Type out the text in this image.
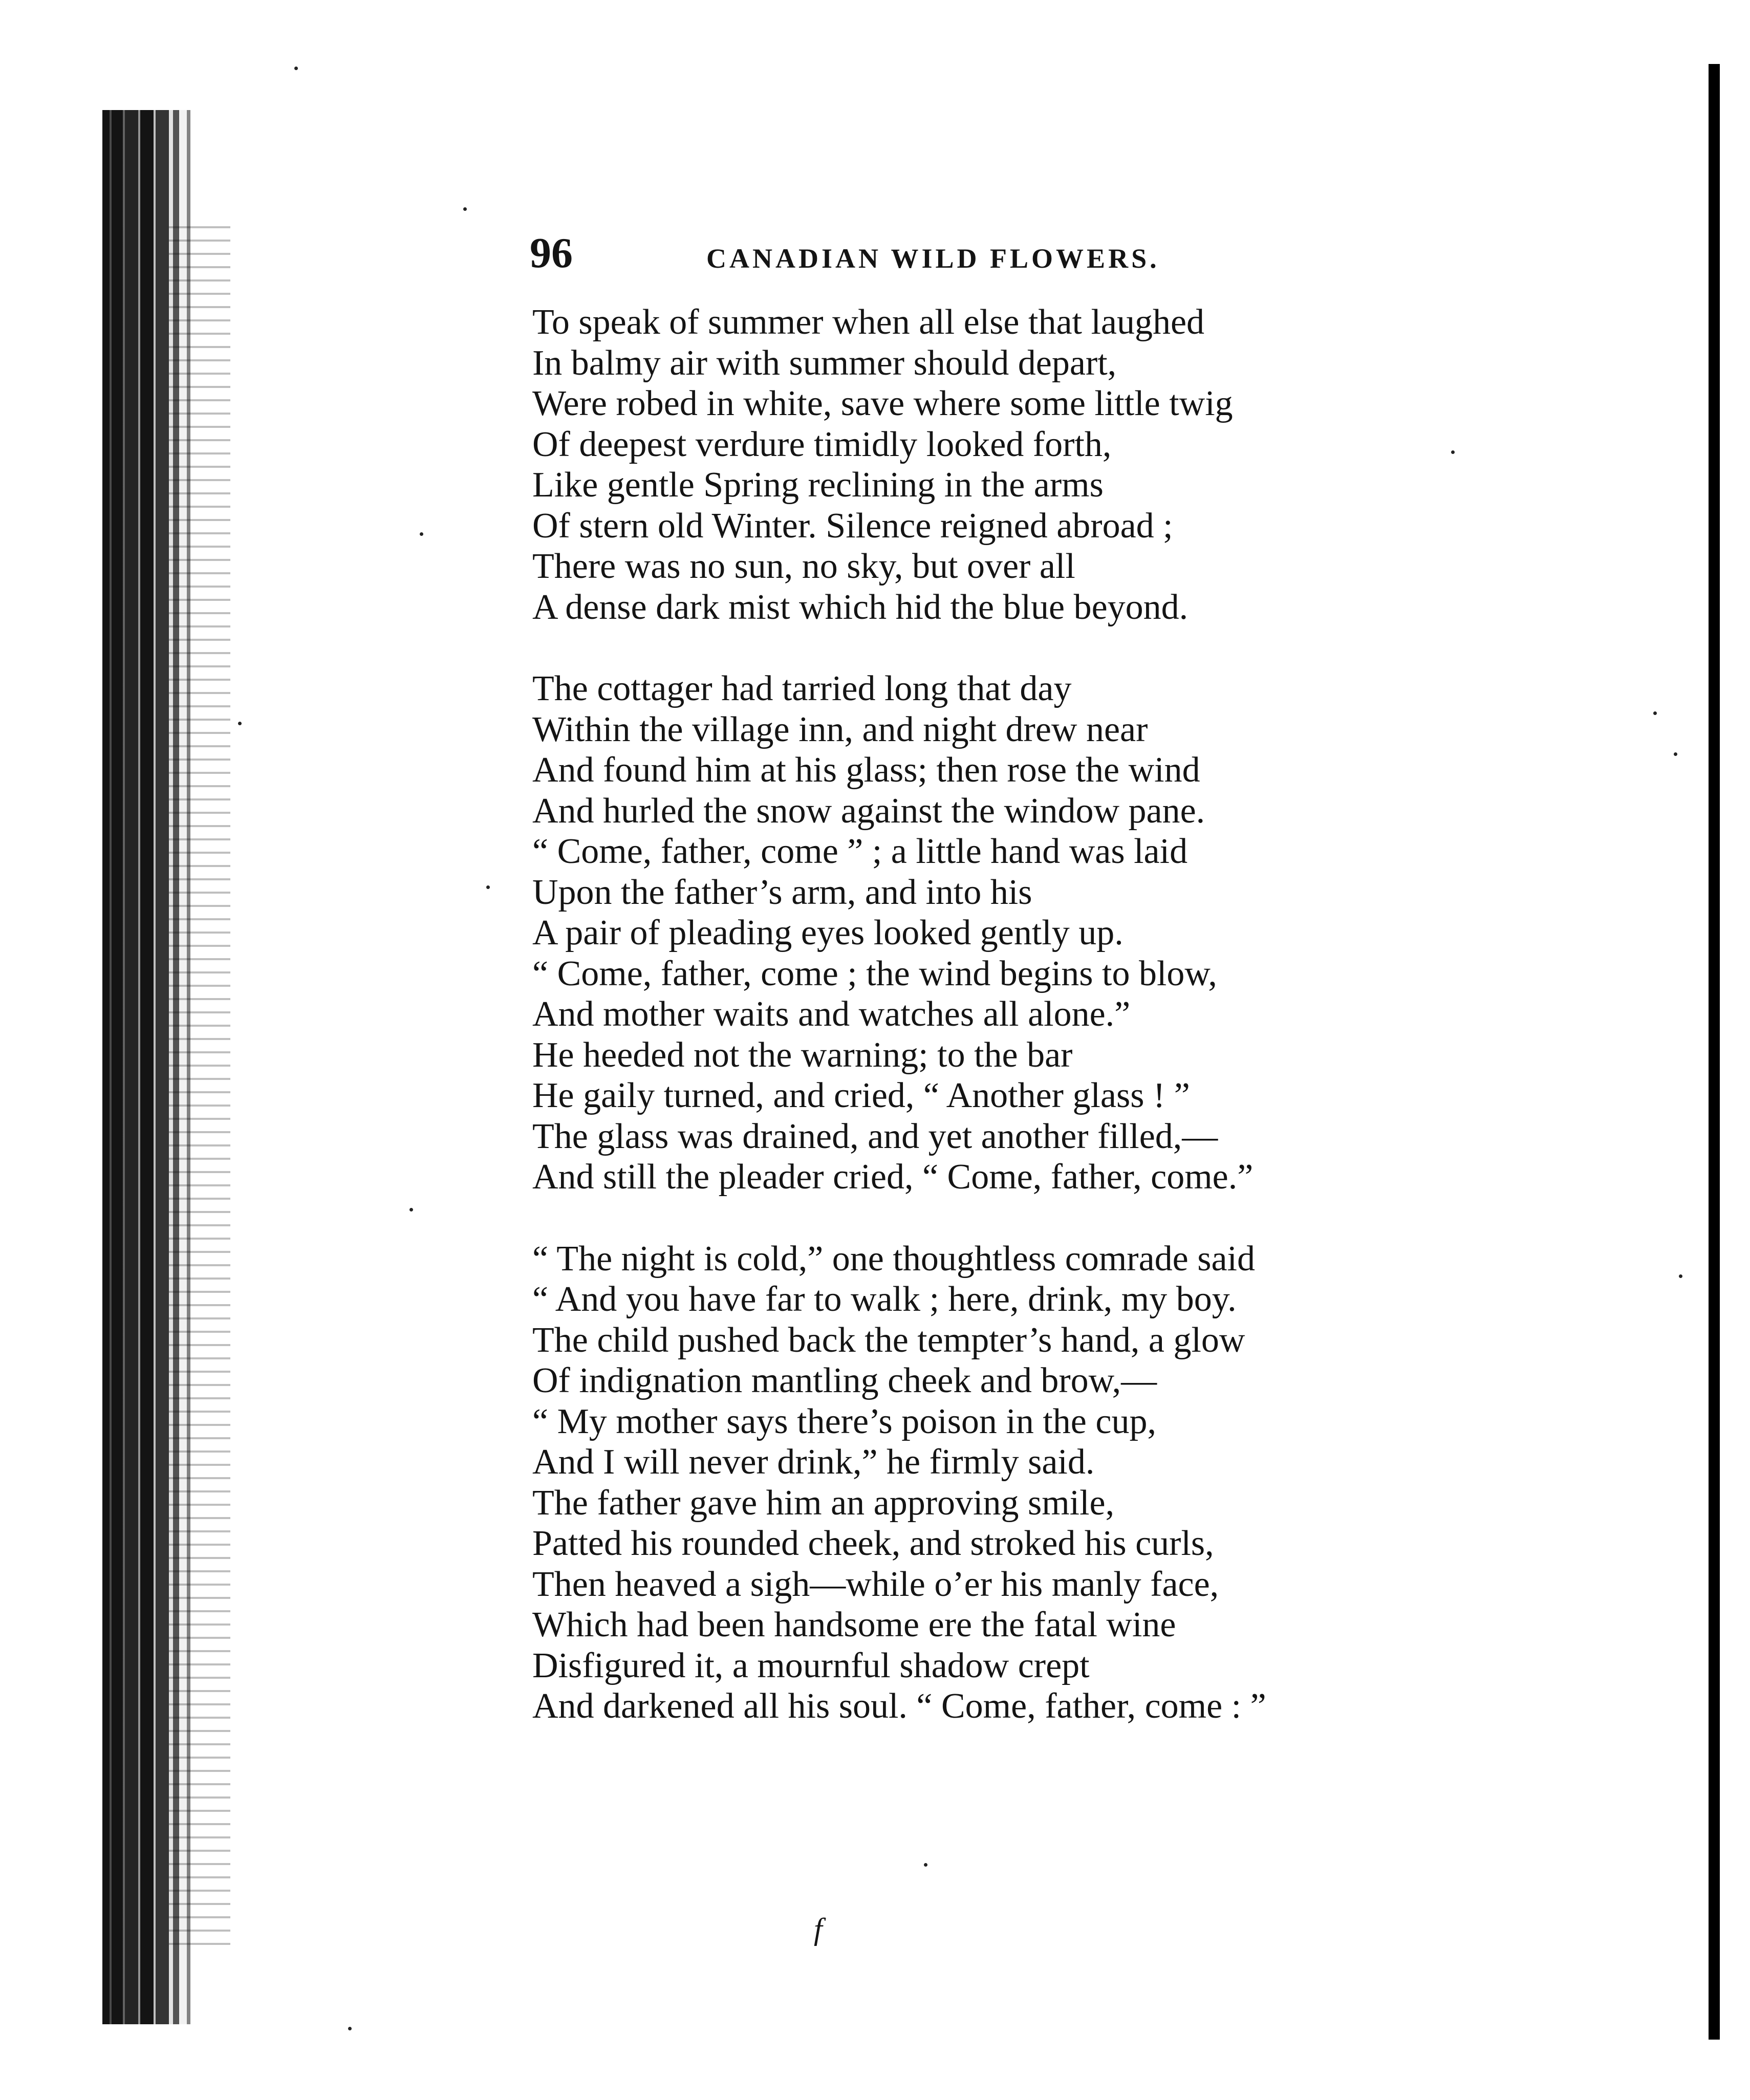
96	CANADIAN WILD FLOWERS.

To speak of summer when all else that laughed
In balmy air with summer should depart,
Were robed in white, save where some little twig
Of deepest verdure timidly looked forth,
Like gentle Spring reclining in the arms
Of stern old Winter. Silence reigned abroad ;
There was no sun, no sky, but over all
A dense dark mist which hid the blue beyond.

The cottager had tarried long that day
Within the village inn, and night drew near
And found him at his glass; then rose the wind
And hurled the snow against the window pane.
“ Come, father, come ” ; a little hand was laid
Upon the father’s arm, and into his
A pair of pleading eyes looked gently up.
“ Come, father, come ; the wind begins to blow,
And mother waits and watches all alone.”
He heeded not the warning; to the bar
He gaily turned, and cried, “ Another glass ! ”
The glass was drained, and yet another filled,—
And still the pleader cried, “ Come, father, come.”

“ The night is cold,” one thoughtless comrade said
“ And you have far to walk ; here, drink, my boy.
The child pushed back the tempter’s hand, a glow
Of indignation mantling cheek and brow,—
“ My mother says there’s poison in the cup,
And I will never drink,” he firmly said.
The father gave him an approving smile,
Patted his rounded cheek, and stroked his curls,
Then heaved a sigh—while o’er his manly face,
Which had been handsome ere the fatal wine
Disfigured it, a mournful shadow crept
And darkened all his soul. “ Come, father, come : ”

f
